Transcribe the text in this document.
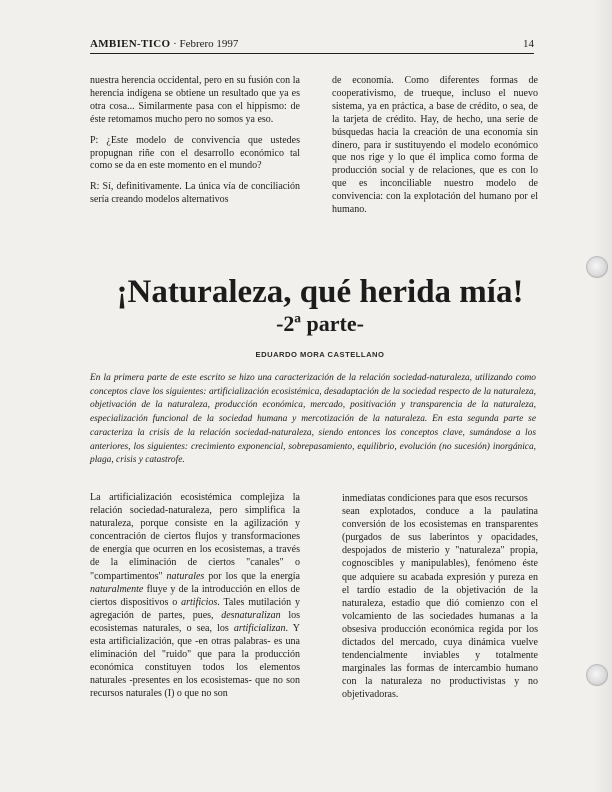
AMBIEN-TICO · Febrero 1997	14

nuestra herencia occidental, pero en su fusión con la herencia indígena se obtiene un resultado que ya es otra cosa... Similarmente pasa con el hippismo: de éste retomamos mucho pero no somos ya eso.

P: ¿Este modelo de convivencia que ustedes propugnan riñe con el desarrollo económico tal como se da en este momento en el mundo?

R: Sí, definitivamente. La única vía de conciliación sería creando modelos alternativos

de economía. Como diferentes formas de cooperativismo, de trueque, incluso el nuevo sistema, ya en práctica, a base de crédito, o sea, de la tarjeta de crédito. Hay, de hecho, una serie de búsquedas hacia la creación de una economía sin dinero, para ir sustituyendo el modelo económico que nos rige y lo que él implica como forma de producción social y de relaciones, que es con lo que es inconciliable nuestro modelo de convivencia: con la explotación del humano por el humano.

¡Naturaleza, qué herida mía!
-2ª parte-
EDUARDO MORA CASTELLANO
En la primera parte de este escrito se hizo una caracterización de la relación sociedad-naturaleza, utilizando como conceptos clave los siguientes: artificialización ecosistémica, desadaptación de la sociedad respecto de la naturaleza, objetivación de la naturaleza, producción económica, mercado, positivación y transparencia de la naturaleza, especialización funcional de la sociedad humana y mercotización de la naturaleza. En esta segunda parte se caracteriza la crisis de la relación sociedad-naturaleza, siendo entonces los conceptos clave, sumándose a los anteriores, los siguientes: crecimiento exponencial, sobrepasamiento, equilibrio, evolución (no sucesión) inorgánica, plaga, crisis y catastrofe.

La artificialización ecosistémica complejiza la relación sociedad-naturaleza, pero simplifica la naturaleza, porque consiste en la agilización y concentración de ciertos flujos y transformaciones de energía que ocurren en los ecosistemas, a través de la eliminación de ciertos "canales" o "compartimentos" naturales por los que la energía naturalmente fluye y de la introducción en ellos de ciertos dispositivos o artificios. Tales mutilación y agregación de partes, pues, desnaturalizan los ecosistemas naturales, o sea, los artificializan. Y esta artificialización, que -en otras palabras- es una eliminación del "ruido" que para la producción económica constituyen todos los elementos naturales -presentes en los ecosistemas- que no son recursos naturales (I) o que no son

inmediatas condiciones para que esos recursos
sean explotados, conduce a la paulatina conversión de los ecosistemas en transparentes (purgados de sus laberintos y opacidades, despojados de misterio y "naturaleza" propia, cognoscibles y manipulables), fenómeno éste que adquiere su acabada expresión y pureza en el tardío estadio de la objetivación de la naturaleza, estadio que dió comienzo con el volcamiento de las sociedades humanas a la obsesiva producción económica regida por los dictados del mercado, cuya dinámica vuelve tendencialmente inviables y totalmente marginales las formas de intercambio humano con la naturaleza no productivistas y no objetivadoras.
